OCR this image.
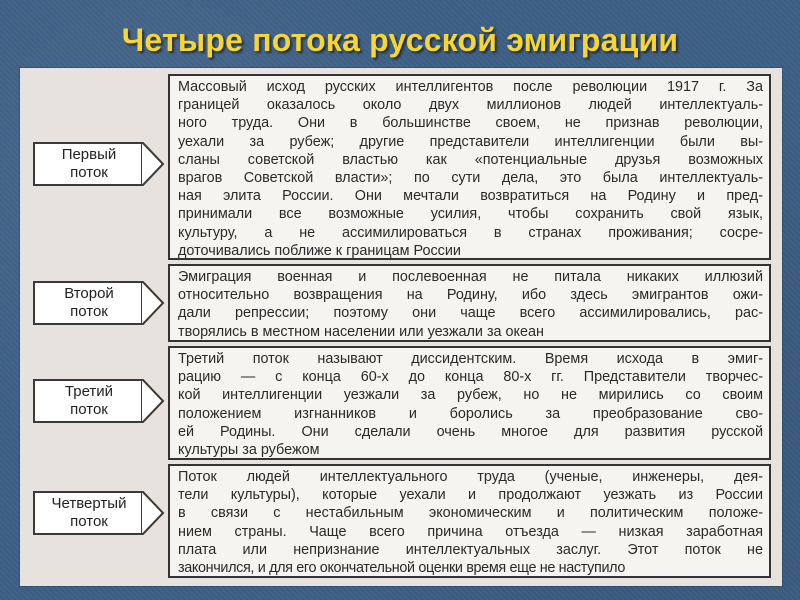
Четыре потока русской эмиграции
Первый
поток
Массовый исход русских интеллигентов после революции 1917 г. За
границей оказалось около двух миллионов людей интеллектуаль-
ного труда. Они в большинстве своем, не признав революции,
уехали за рубеж; другие представители интеллигенции были вы-
сланы советской властью как «потенциальные друзья возможных
врагов Советской власти»; по сути дела, это была интеллектуаль-
ная элита России. Они мечтали возвратиться на Родину и пред-
принимали все возможные усилия, чтобы сохранить свой язык,
культуру, а не ассимилироваться в странах проживания; сосре-
доточивались поближе к границам России
Второй
поток
Эмиграция военная и послевоенная не питала никаких иллюзий
относительно возвращения на Родину, ибо здесь эмигрантов ожи-
дали репрессии; поэтому они чаще всего ассимилировались, рас-
творялись в местном населении или уезжали за океан
Третий
поток
Третий поток называют диссидентским. Время исхода в эмиг-
рацию — с конца 60-х до конца 80-х гг. Представители творчес-
кой интеллигенции уезжали за рубеж, но не мирились со своим
положением изгнанников и боролись за преобразование сво-
ей Родины. Они сделали очень многое для развития русской
культуры за рубежом
Четвертый
поток
Поток людей интеллектуального труда (ученые, инженеры, дея-
тели культуры), которые уехали и продолжают уезжать из России
в связи с нестабильным экономическим и политическим положе-
нием страны. Чаще всего причина отъезда — низкая заработная
плата или непризнание интеллектуальных заслуг. Этот поток не
закончился, и для его окончательной оценки время еще не наступило
